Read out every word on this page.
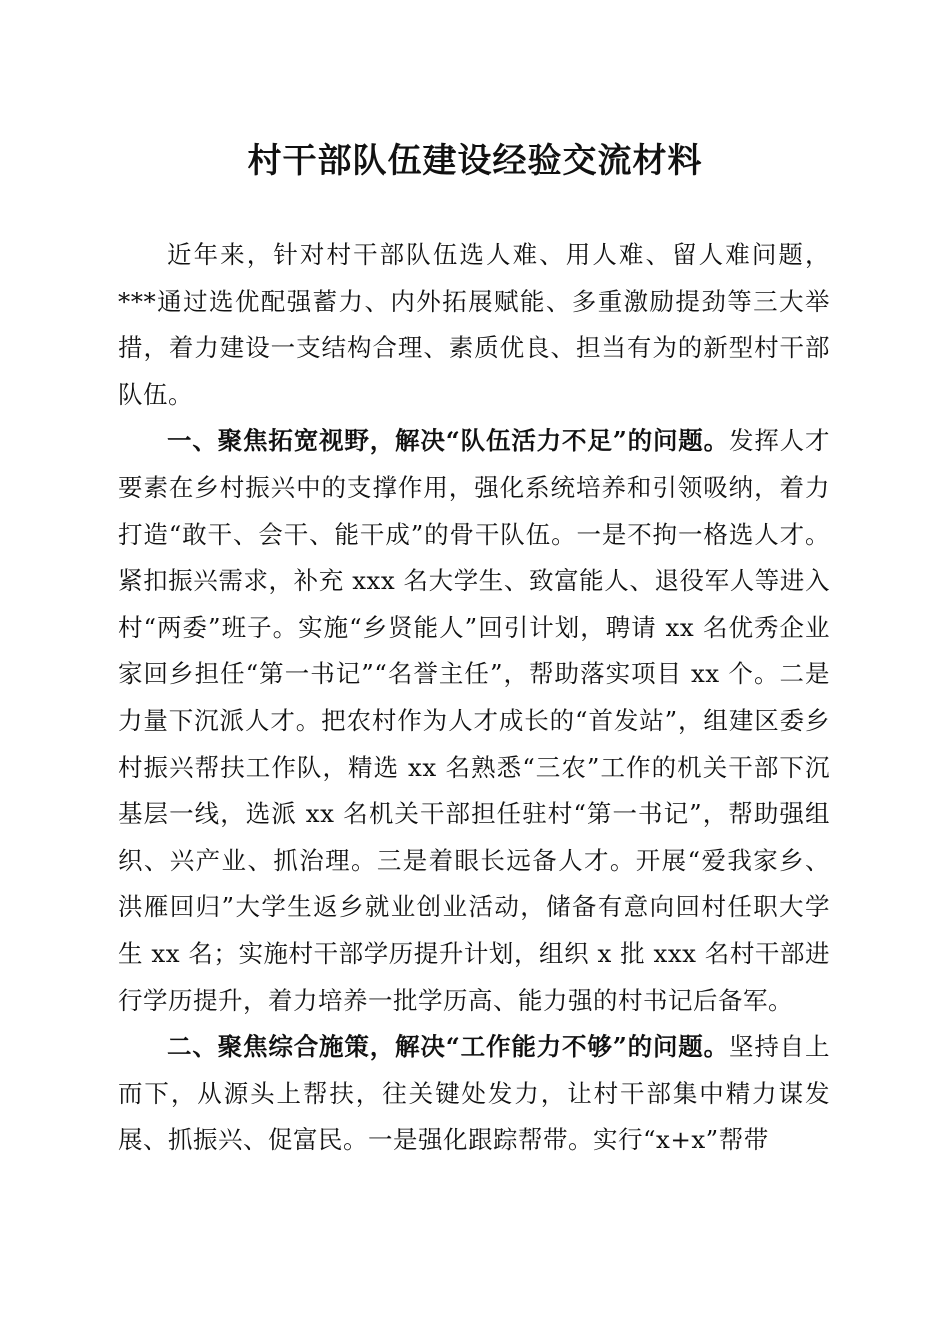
村干部队伍建设经验交流材料

近年来，针对村干部队伍选人难、用人难、留人难问题，***通过选优配强蓄力、内外拓展赋能、多重激励提劲等三大举措，着力建设一支结构合理、素质优良、担当有为的新型村干部队伍。

一、聚焦拓宽视野，解决“队伍活力不足”的问题。发挥人才要素在乡村振兴中的支撑作用，强化系统培养和引领吸纳，着力打造“敢干、会干、能干成”的骨干队伍。一是不拘一格选人才。紧扣振兴需求，补充 xxx 名大学生、致富能人、退役军人等进入村“两委”班子。实施“乡贤能人”回引计划，聘请 xx 名优秀企业家回乡担任“第一书记”“名誉主任”，帮助落实项目 xx 个。二是力量下沉派人才。把农村作为人才成长的“首发站”，组建区委乡村振兴帮扶工作队，精选 xx 名熟悉“三农”工作的机关干部下沉基层一线，选派 xx 名机关干部担任驻村“第一书记”，帮助强组织、兴产业、抓治理。三是着眼长远备人才。开展“爱我家乡、洪雁回归”大学生返乡就业创业活动，储备有意向回村任职大学生 xx 名；实施村干部学历提升计划，组织 x 批 xxx 名村干部进行学历提升，着力培养一批学历高、能力强的村书记后备军。

二、聚焦综合施策，解决“工作能力不够”的问题。坚持自上而下，从源头上帮扶，往关键处发力，让村干部集中精力谋发展、抓振兴、促富民。一是强化跟踪帮带。实行“x+x”帮带
